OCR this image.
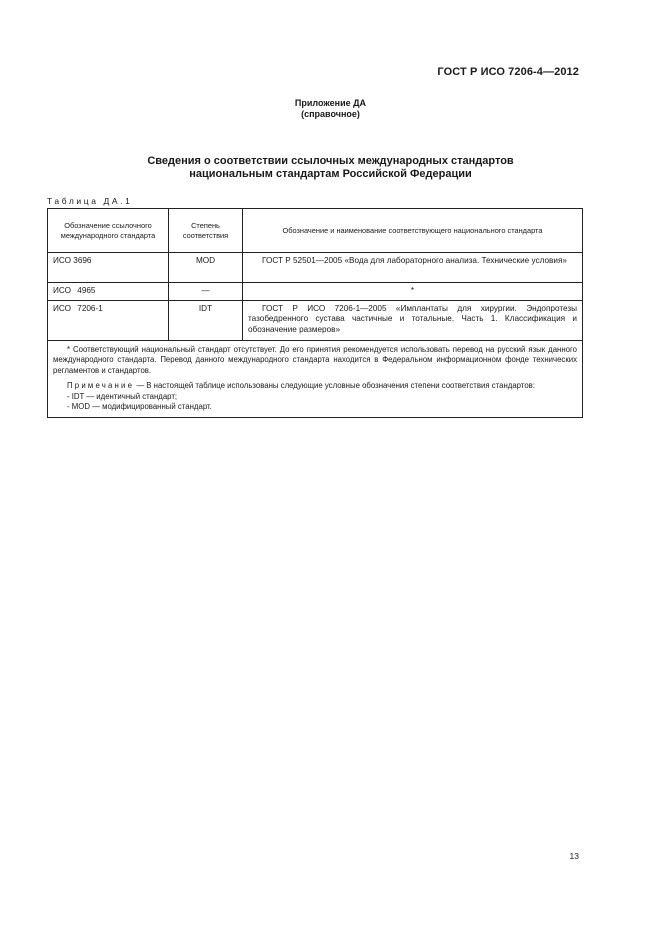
ГОСТ Р ИСО 7206-4—2012
Приложение ДА
(справочное)
Сведения о соответствии ссылочных международных стандартов
национальным стандартам Российской Федерации
Таблица ДА.1
Обозначение ссылочного международного стандарта	Степень соответствия	Обозначение и наименование соответствующего национального стандарта
ИСО 3696	MOD	ГОСТ Р 52501—2005 «Вода для лабораторного анализа. Технические условия»
ИСО 4965	—	*
ИСО 7206-1	IDT	ГОСТ Р ИСО 7206-1—2005 «Имплантаты для хирургии. Эндопротезы тазобедренного сустава частичные и тотальные. Часть 1. Классификация и обозначение размеров»

* Соответствующий национальный стандарт отсутствует. До его принятия рекомендуется использовать перевод на русский язык данного международного стандарта. Перевод данного международного стандарта находится в Федеральном информационном фонде технических регламентов и стандартов.

Примечание — В настоящей таблице использованы следующие условные обозначения степени соответствия стандартов:

- IDT — идентичный стандарт;

- MOD — модифицированный стандарт.		

13
